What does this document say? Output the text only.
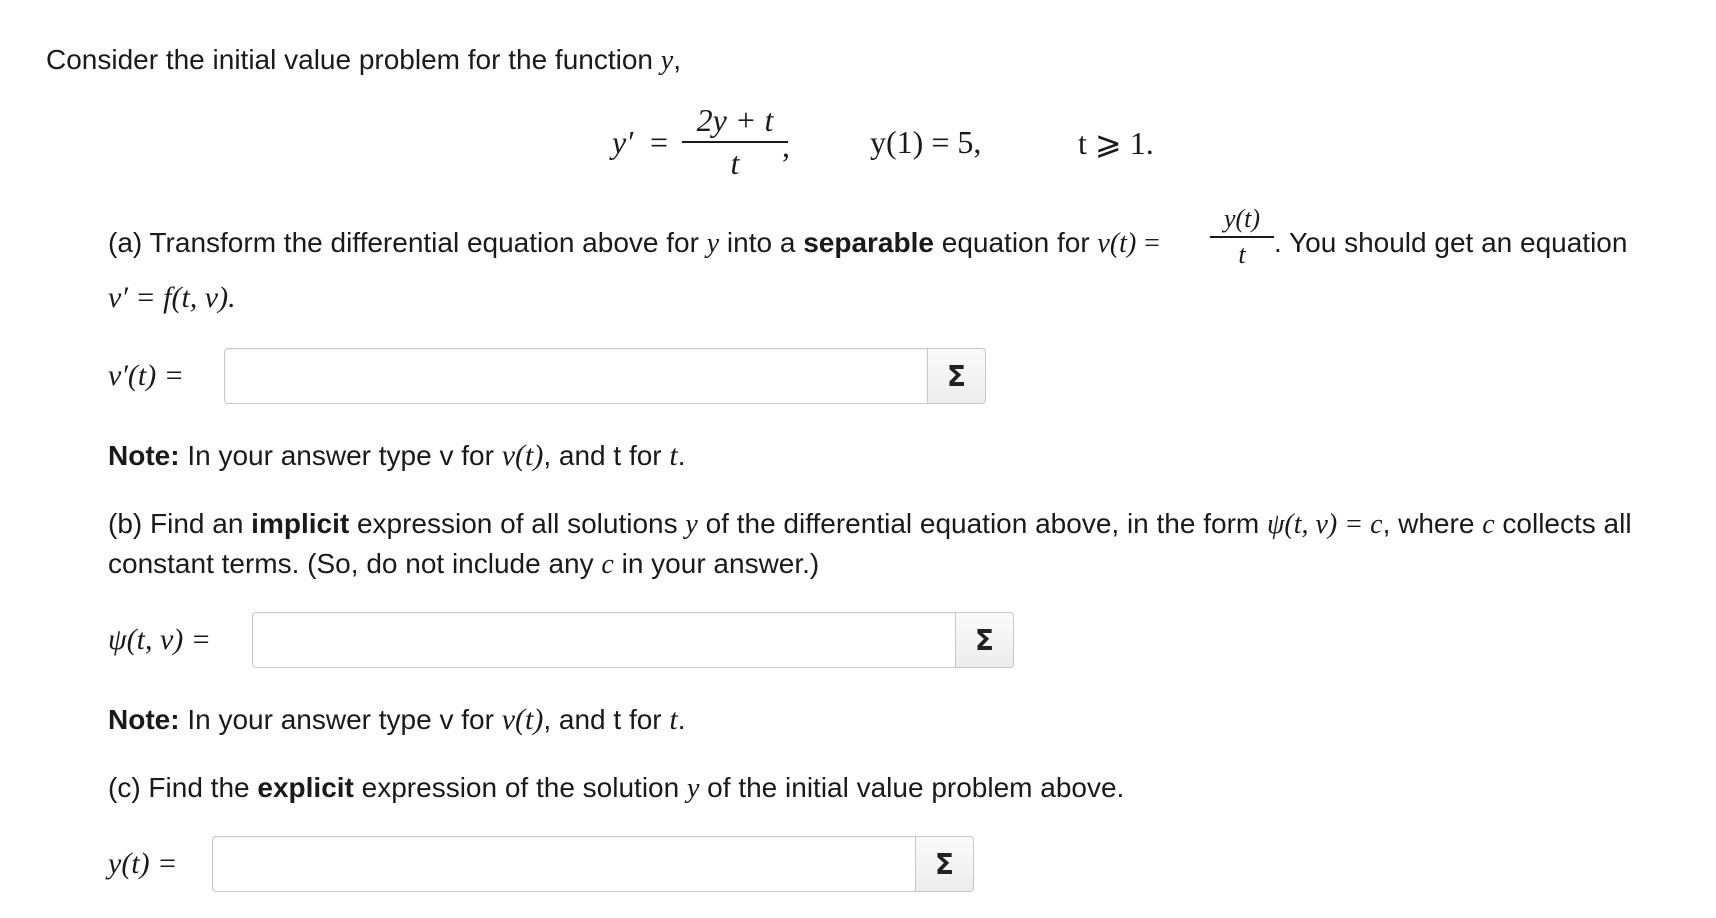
Consider the initial value problem for the function y,
y′ =
2y + t
t	,	y(1) = 5,	t ⩾ 1.
(a) Transform the differential equation above for y into a separable equation for v(t) =
y(t)
t	. You should get an equation
v′ = f(t, v).
v′(t) =	Σ
Note: In your answer type v for v(t), and t for t.
(b) Find an implicit expression of all solutions y of the differential equation above, in the form ψ(t, v) = c, where c collects all
constant terms. (So, do not include any c in your answer.)
ψ(t, v) =	Σ
Note: In your answer type v for v(t), and t for t.
(c) Find the explicit expression of the solution y of the initial value problem above.
y(t) =	Σ
